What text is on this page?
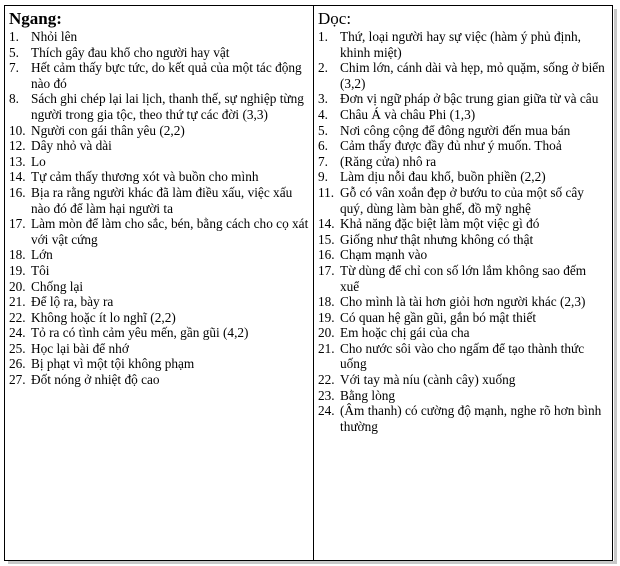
Ngang:
1. Nhỏi lên
5. Thích gây đau khổ cho người hay vật
7. Hết cảm thấy bực tức, do kết quả của một tác động nào đó
8. Sách ghi chép lại lai lịch, thanh thế, sự nghiệp từng người trong gia tộc, theo thứ tự các đời (3,3)
10. Người con gái thân yêu (2,2)
12. Dây nhỏ và dài
13. Lo
14. Tự cảm thấy thương xót và buồn cho mình
16. Bịa ra rằng người khác đã làm điều xấu, việc xấu nào đó để làm hại người ta
17. Làm mòn để làm cho sắc, bén, bằng cách cho cọ xát với vật cứng
18. Lớn
19. Tôi
20. Chống lại
21. Để lộ ra, bày ra
22. Không hoặc ít lo nghĩ (2,2)
24. Tỏ ra có tình cảm yêu mến, gần gũi (4,2)
25. Học lại bài để nhớ
26. Bị phạt vì một tội không phạm
27. Đốt nóng ở nhiệt độ cao

Dọc:
1. Thứ, loại người hay sự việc (hàm ý phủ định, khinh miệt)
2. Chim lớn, cánh dài và hẹp, mỏ quặm, sống ở biển (3,2)
3. Đơn vị ngữ pháp ở bậc trung gian giữa từ và câu
4. Châu Á và châu Phi (1,3)
5. Nơi công cộng để đông người đến mua bán
6. Cảm thấy được đầy đủ như ý muốn. Thoả
7. (Răng cửa) nhô ra
9. Làm dịu nỗi đau khổ, buồn phiền (2,2)
11. Gỗ có vân xoắn đẹp ở bướu to của một số cây quý, dùng làm bàn ghế, đồ mỹ nghệ
14. Khả năng đặc biệt làm một việc gì đó
15. Giống như thật nhưng không có thật
16. Chạm mạnh vào
17. Từ dùng để chỉ con số lớn lắm không sao đếm xuể
18. Cho mình là tài hơn giỏi hơn người khác (2,3)
19. Có quan hệ gần gũi, gắn bó mật thiết
20. Em hoặc chị gái của cha
21. Cho nước sôi vào cho ngấm để tạo thành thức uống
22. Với tay mà níu (cành cây) xuống
23. Bằng lòng
24. (Âm thanh) có cường độ mạnh, nghe rõ hơn bình thường
